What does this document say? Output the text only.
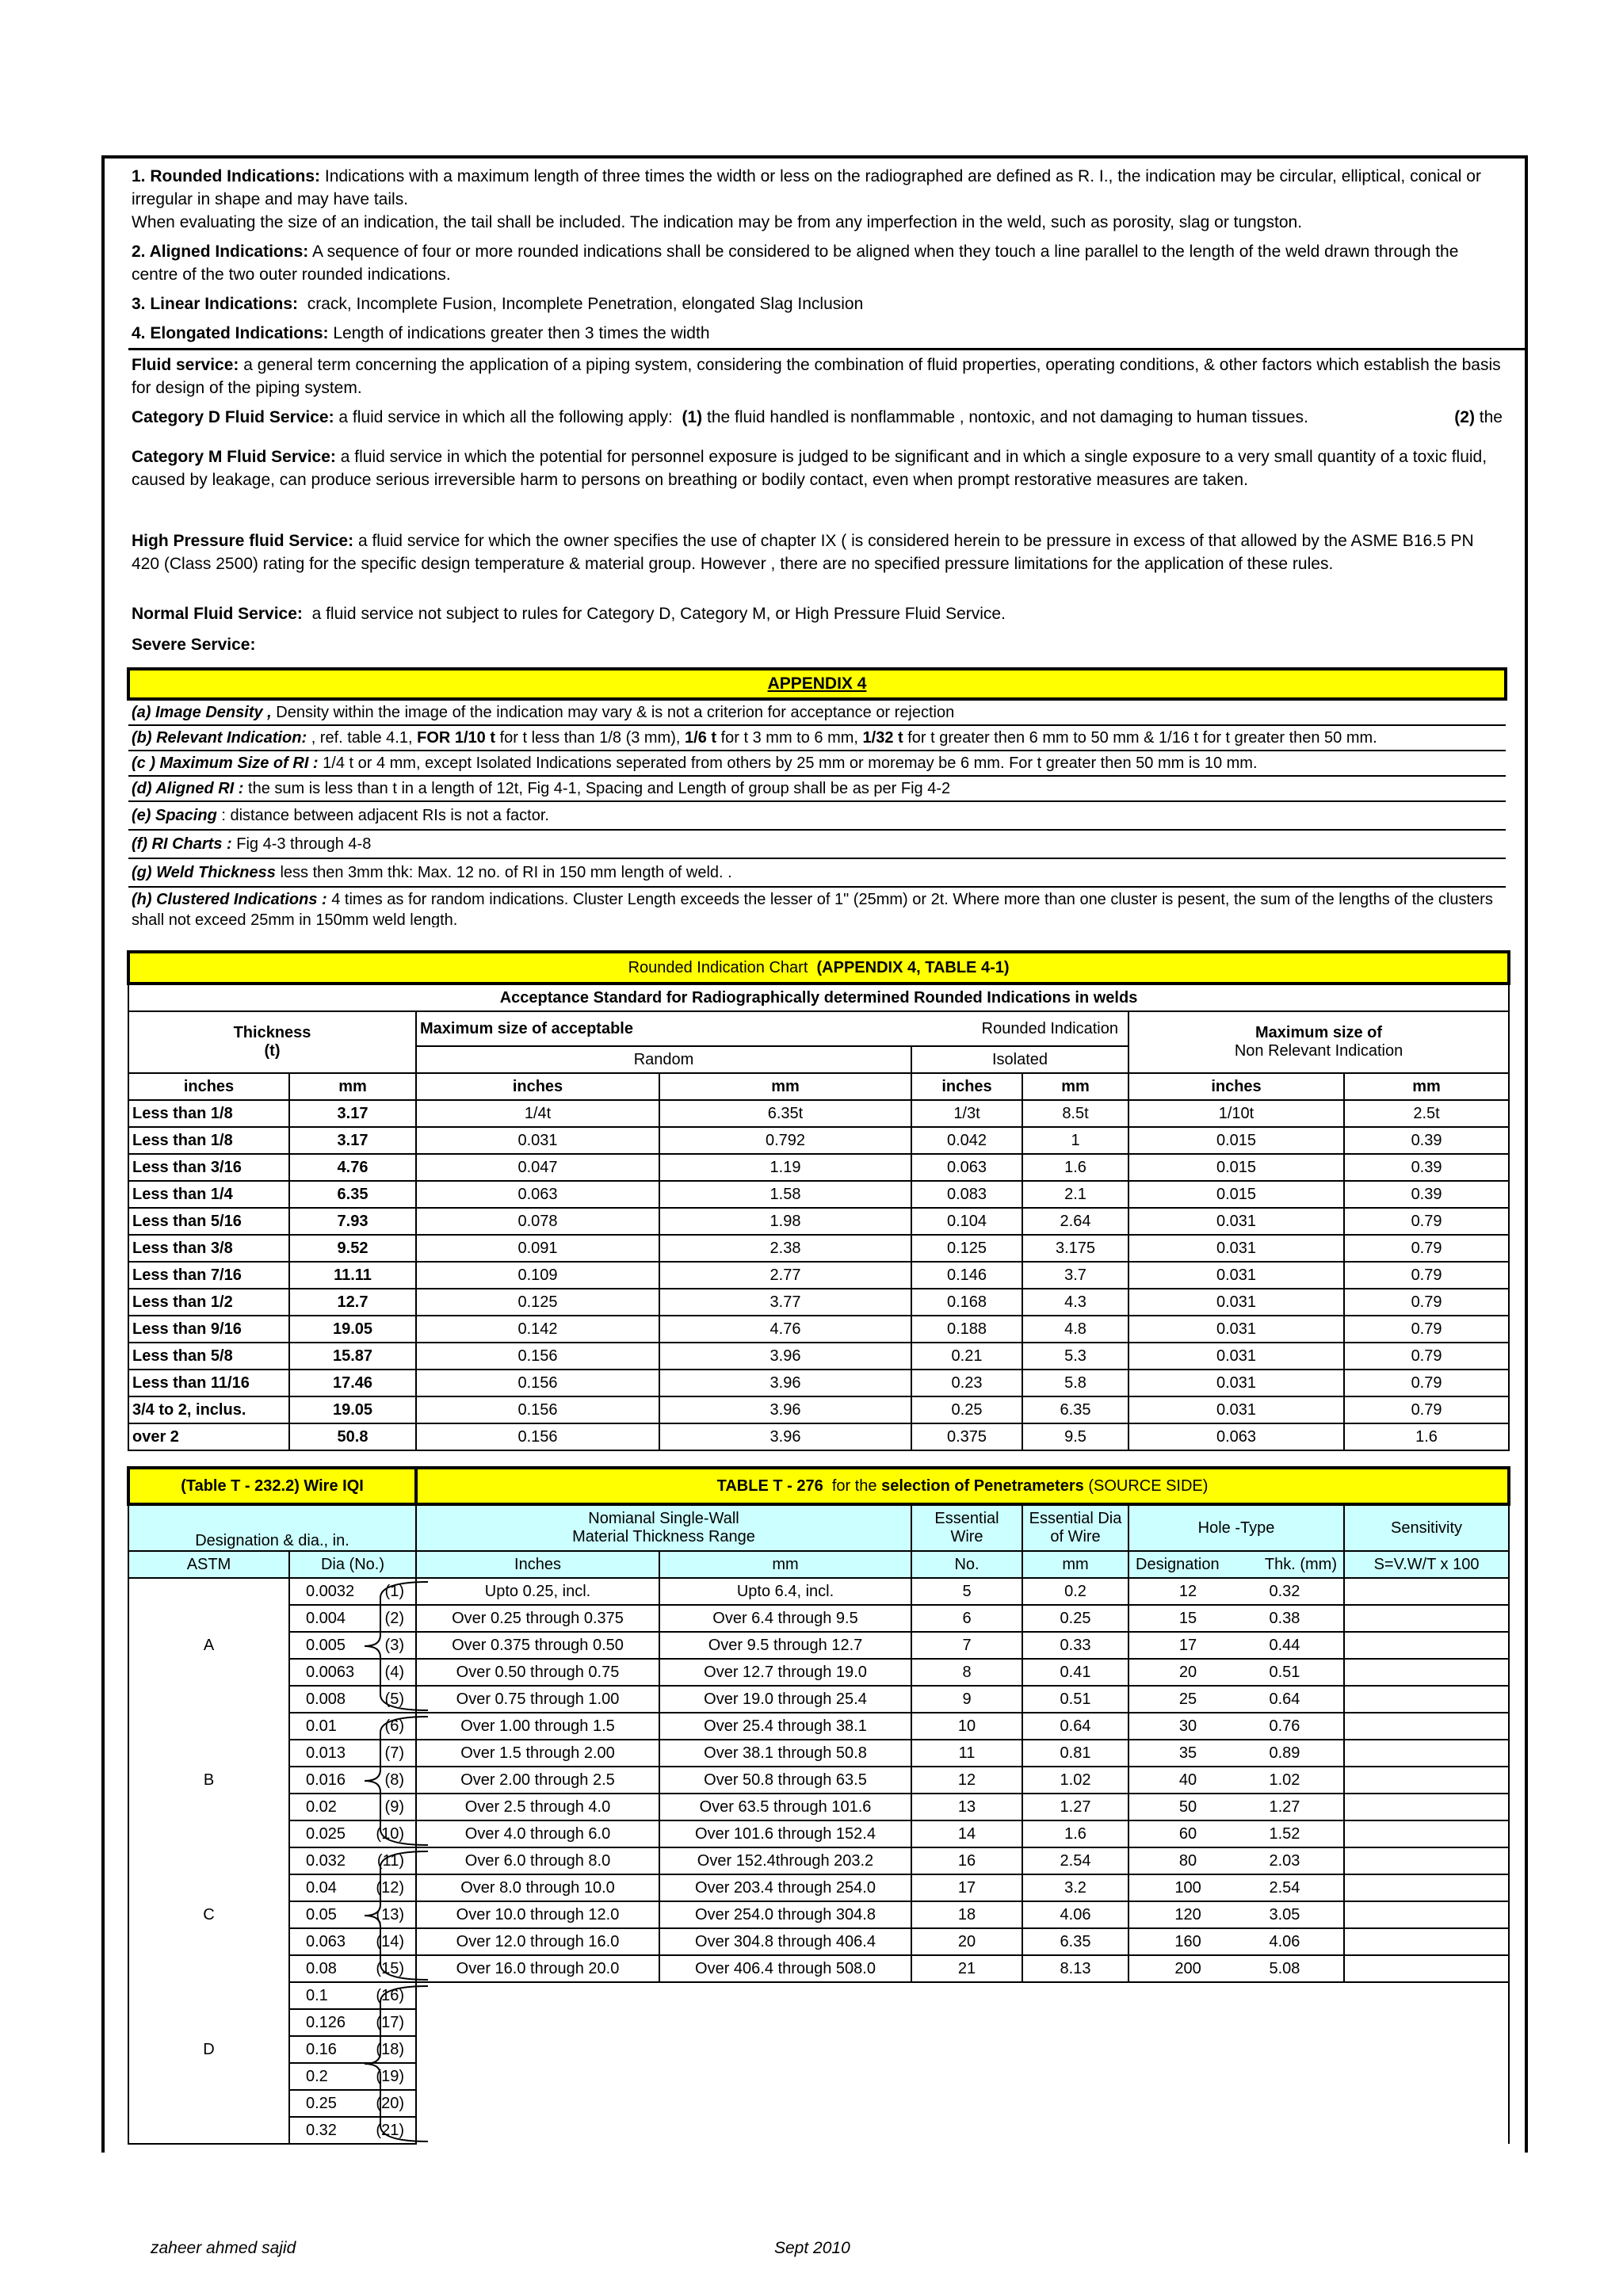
1. Rounded Indications: Indications with a maximum length of three times the width or less on the radiographed are defined as R. I., the indication may be circular, elliptical, conical or irregular in shape and may have tails.

When evaluating the size of an indication, the tail shall be included. The indication may be from any imperfection in the weld, such as porosity, slag or tungston.

2. Aligned Indications: A sequence of four or more rounded indications shall be considered to be aligned when they touch a line parallel to the length of the weld drawn through the centre of the two outer rounded indications.

3. Linear Indications: crack, Incomplete Fusion, Incomplete Penetration, elongated Slag Inclusion

4. Elongated Indications: Length of indications greater then 3 times the width

Fluid service: a general term concerning the application of a piping system, considering the combination of fluid properties, operating conditions, & other factors which establish the basis for design of the piping system.

Category D Fluid Service: a fluid service in which all the following apply: (1) the fluid handled is nonflammable , nontoxic, and not damaging to human tissues.	(2) the

Category M Fluid Service: a fluid service in which the potential for personnel exposure is judged to be significant and in which a single exposure to a very small quantity of a toxic fluid, caused by leakage, can produce serious irreversible harm to persons on breathing or bodily contact, even when prompt restorative measures are taken.

High Pressure fluid Service: a fluid service for which the owner specifies the use of chapter IX ( is considered herein to be pressure in excess of that allowed by the ASME B16.5 PN 420 (Class 2500) rating for the specific design temperature & material group. However , there are no specified pressure limitations for the application of these rules.

Normal Fluid Service: a fluid service not subject to rules for Category D, Category M, or High Pressure Fluid Service.

Severe Service:

APPENDIX 4
(a) Image Density , Density within the image of the indication may vary & is not a criterion for acceptance or rejection
(b) Relevant Indication: , ref. table 4.1, FOR 1/10 t for t less than 1/8 (3 mm), 1/6 t for t 3 mm to 6 mm, 1/32 t for t greater then 6 mm to 50 mm & 1/16 t for t greater then 50 mm.
(c ) Maximum Size of RI : 1/4 t or 4 mm, except Isolated Indications seperated from others by 25 mm or moremay be 6 mm. For t greater then 50 mm is 10 mm.
(d) Aligned RI : the sum is less than t in a length of 12t, Fig 4-1, Spacing and Length of group shall be as per Fig 4-2
(e) Spacing : distance between adjacent RIs is not a factor.
(f) RI Charts : Fig 4-3 through 4-8
(g) Weld Thickness less then 3mm thk: Max. 12 no. of RI in 150 mm length of weld. .

(h) Clustered Indications : 4 times as for random indications. Cluster Length exceeds the lesser of 1" (25mm) or 2t. Where more than one cluster is pesent, the sum of the lengths of the clusters shall not exceed 25mm in 150mm weld length.
Rounded Indication Chart (APPENDIX 4, TABLE 4-1)							
Acceptance Standard for Radiographically determined Rounded Indications in welds							
Thickness
(t)		Maximum size of acceptable Rounded Indication				Maximum size of
Non Relevant Indication	
		Random		Isolated			
inches	mm	inches	mm	inches	mm	inches	mm
Less than 1/8	3.17	1/4t	6.35t	1/3t	8.5t	1/10t	2.5t
Less than 1/8	3.17	0.031	0.792	0.042	1	0.015	0.39
Less than 3/16	4.76	0.047	1.19	0.063	1.6	0.015	0.39
Less than 1/4	6.35	0.063	1.58	0.083	2.1	0.015	0.39
Less than 5/16	7.93	0.078	1.98	0.104	2.64	0.031	0.79
Less than 3/8	9.52	0.091	2.38	0.125	3.175	0.031	0.79
Less than 7/16	11.11	0.109	2.77	0.146	3.7	0.031	0.79
Less than 1/2	12.7	0.125	3.77	0.168	4.3	0.031	0.79
Less than 9/16	19.05	0.142	4.76	0.188	4.8	0.031	0.79
Less than 5/8	15.87	0.156	3.96	0.21	5.3	0.031	0.79
Less than 11/16	17.46	0.156	3.96	0.23	5.8	0.031	0.79
3/4 to 2, inclus.	19.05	0.156	3.96	0.25	6.35	0.031	0.79
over 2	50.8	0.156	3.96	0.375	9.5	0.063	1.6
(Table T - 232.2) Wire IQI		TABLE T - 276 for the selection of Penetrameters (SOURCE SIDE)					
Designation & dia., in.		Nomianal Single-Wall
Material Thickness Range		Essential
Wire	Essential Dia
of Wire	Hole -Type	Sensitivity
ASTM	Dia (No.)	Inches	mm	No.	mm	Designation Thk. (mm)	S=V.W/T x 100
	0.0032 (1)	Upto 0.25, incl.	Upto 6.4, incl.	5	0.2	12 0.32	
	0.004 (2)	Over 0.25 through 0.375	Over 6.4 through 9.5	6	0.25	15 0.38	
A	0.005 (3)	Over 0.375 through 0.50	Over 9.5 through 12.7	7	0.33	17 0.44	
	0.0063 (4)	Over 0.50 through 0.75	Over 12.7 through 19.0	8	0.41	20 0.51	
	0.008 (5)	Over 0.75 through 1.00	Over 19.0 through 25.4	9	0.51	25 0.64	
	0.01 (6)	Over 1.00 through 1.5	Over 25.4 through 38.1	10	0.64	30 0.76	
	0.013 (7)	Over 1.5 through 2.00	Over 38.1 through 50.8	11	0.81	35 0.89	
B	0.016 (8)	Over 2.00 through 2.5	Over 50.8 through 63.5	12	1.02	40 1.02	
	0.02 (9)	Over 2.5 through 4.0	Over 63.5 through 101.6	13	1.27	50 1.27	
	0.025 (10)	Over 4.0 through 6.0	Over 101.6 through 152.4	14	1.6	60 1.52	
	0.032 (11)	Over 6.0 through 8.0	Over 152.4through 203.2	16	2.54	80 2.03	
	0.04 (12)	Over 8.0 through 10.0	Over 203.4 through 254.0	17	3.2	100 2.54	
C	0.05 (13)	Over 10.0 through 12.0	Over 254.0 through 304.8	18	4.06	120 3.05	
	0.063 (14)	Over 12.0 through 16.0	Over 304.8 through 406.4	20	6.35	160 4.06	
	0.08 (15)	Over 16.0 through 20.0	Over 406.4 through 508.0	21	8.13	200 5.08	
	0.1 (16)						

	0.126 (17)						

D	0.16 (18)						

	0.2 (19)						

	0.25 (20)						

	0.32 (21)						

zaheer ahmed sajid	Sept 2010
